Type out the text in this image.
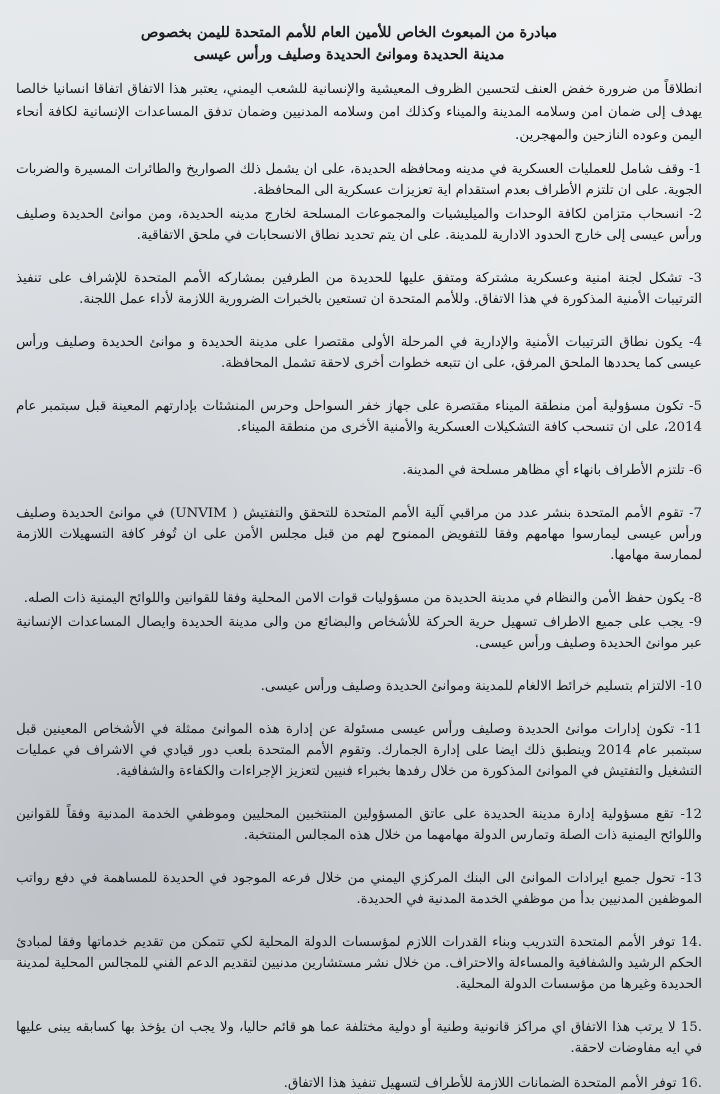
مبادرة من المبعوث الخاص للأمين العام للأمم المتحدة لليمن بخصوص
مدينة الحديدة وموانئ الحديدة وصليف ورأس عيسى

انطلاقاً من ضرورة خفض العنف لتحسين الظروف المعيشية والإنسانية للشعب اليمني، يعتبر هذا الاتفاق اتفاقا انسانيا خالصا يهدف إلى ضمان امن وسلامه المدينة والميناء وكذلك امن وسلامه المدنيين وضمان تدفق المساعدات الإنسانية لكافة أنحاء اليمن وعوده النازحين والمهجرين.

1- وقف شامل للعمليات العسكرية في مدينه ومحافظه الحديدة، على ان يشمل ذلك الصواريخ والطائرات المسيرة والضربات الجوية. على ان تلتزم الأطراف بعدم استقدام اية تعزيزات عسكرية الى المحافظة.

2- انسحاب متزامن لكافة الوحدات والميليشيات والمجموعات المسلحة لخارج مدينه الحديدة، ومن موانئ الحديدة وصليف ورأس عيسى إلى خارج الحدود الادارية للمدينة. على ان يتم تحديد نطاق الانسحابات في ملحق الاتفاقية.

3- تشكل لجنة امنية وعسكرية مشتركة ومتفق عليها للحديدة من الطرفين بمشاركه الأمم المتحدة للإشراف على تنفيذ الترتيبات الأمنية المذكورة في هذا الاتفاق. وللأمم المتحدة ان تستعين بالخبرات الضرورية اللازمة لأداء عمل اللجنة.

4- يكون نطاق الترتيبات الأمنية والإدارية في المرحلة الأولى مقتصرا على مدينة الحديدة و موانئ الحديدة وصليف ورأس عيسى كما يحددها الملحق المرفق، على ان تتبعه خطوات أخرى لاحقة تشمل المحافظة.

5- تكون مسؤولية أمن منطقة الميناء مقتصرة على جهاز خفر السواحل وحرس المنشئات بإدارتهم المعينة قبل سبتمبر عام 2014، على ان تنسحب كافة التشكيلات العسكرية والأمنية الأخرى من منطقة الميناء.

6- تلتزم الأطراف بانهاء أي مظاهر مسلحة في المدينة.

7- تقوم الأمم المتحدة بنشر عدد من مراقبي آلية الأمم المتحدة للتحقق والتفتيش ( UNVIM) في موانئ الحديدة وصليف ورأس عيسى ليمارسوا مهامهم وفقا للتفويض الممنوح لهم من قبل مجلس الأمن على ان تُوفر كافة التسهيلات اللازمة لممارسة مهامها.

8- يكون حفظ الأمن والنظام في مدينة الحديدة من مسؤوليات قوات الامن المحلية وفقا للقوانين واللوائح اليمنية ذات الصله.

9- يجب على جميع الاطراف تسهيل حرية الحركة للأشخاص والبضائع من والى مدينة الحديدة وايصال المساعدات الإنسانية عبر موانئ الحديدة وصليف ورأس عيسى.

10- الالتزام بتسليم خرائط الالغام للمدينة وموانئ الحديدة وصليف ورأس عيسى.

11- تكون إدارات موانئ الحديدة وصليف ورأس عيسى مسئولة عن إدارة هذه الموانئ ممثلة في الأشخاص المعينين قبل سبتمبر عام 2014 وينطبق ذلك ايضا على إدارة الجمارك. وتقوم الأمم المتحدة بلعب دور قيادي في الاشراف في عمليات التشغيل والتفتيش في الموانئ المذكورة من خلال رفدها بخبراء فنيين لتعزيز الإجراءات والكفاءة والشفافية.

12- تقع مسؤولية إدارة مدينة الحديدة على عاتق المسؤولين المنتخبين المحليين وموظفي الخدمة المدنية وفقاً للقوانين واللوائح اليمنية ذات الصلة وتمارس الدولة مهامهما من خلال هذه المجالس المنتخبة.

13- تحول جميع ايرادات الموانئ الى البنك المركزي اليمني من خلال فرعه الموجود في الحديدة للمساهمة في دفع رواتب الموظفين المدنيين بدأ من موظفي الخدمة المدنية في الحديدة.

.14 توفر الأمم المتحدة التدريب وبناء القدرات اللازم لمؤسسات الدولة المحلية لكي تتمكن من تقديم خدماتها وفقا لمبادئ الحكم الرشيد والشفافية والمساءلة والاحتراف. من خلال نشر مستشارين مدنيين لتقديم الدعم الفني للمجالس المحلية لمدينة الحديدة وغيرها من مؤسسات الدولة المحلية.

.15 لا يرتب هذا الاتفاق اي مراكز قانونية وطنية أو دولية مختلفة عما هو قائم حاليا، ولا يجب ان يؤخذ بها كسابقه يبنى عليها في ايه مفاوضات لاحقة.

.16 توفر الأمم المتحدة الضمانات اللازمة للأطراف لتسهيل تنفيذ هذا الاتفاق.
